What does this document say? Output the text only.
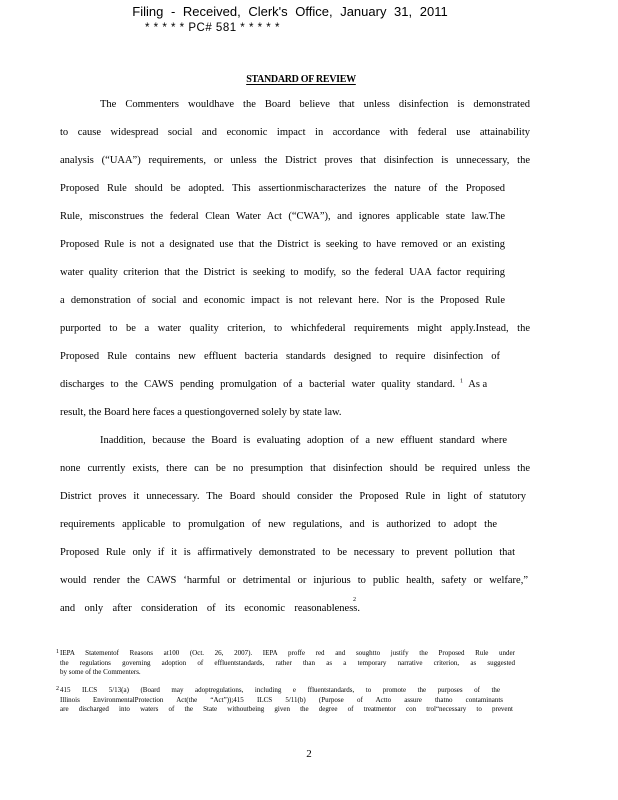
Filing - Received, Clerk's Office, January 31, 2011
* * * * * PC# 581 * * * * *
STANDARD OF REVIEW
The Commenters wouldhave the Board believe that unless disinfection is demonstrated
to cause widespread social and economic impact in accordance with federal use attainability
analysis (“UAA”) requirements, or unless the District proves that disinfection is unnecessary, the
Proposed Rule should be adopted. This assertionmischaracterizes the nature of the Proposed
Rule, misconstrues the federal Clean Water Act (“CWA”), and ignores applicable state law.The
Proposed Rule is not a designated use that the District is seeking to have removed or an existing
water quality criterion that the District is seeking to modify, so the federal UAA factor requiring
a demonstration of social and economic impact is not relevant here. Nor is the Proposed Rule
purported to be a water quality criterion, to whichfederal requirements might apply.Instead, the
Proposed Rule contains new effluent bacteria standards designed to require disinfection of
discharges to the CAWS pending promulgation of a bacterial water quality standard. $^1$ As a
result, the Board here faces a questiongoverned solely by state law.
Inaddition, because the Board is evaluating adoption of a new effluent standard where
none currently exists, there can be no presumption that disinfection should be required unless the
District proves it unnecessary. The Board should consider the Proposed Rule in light of statutory
requirements applicable to promulgation of new regulations, and is authorized to adopt the
Proposed Rule only if it is affirmatively demonstrated to be necessary to prevent pollution that
would render the CAWS ‘harmful or detrimental or injurious to public health, safety or welfare,”
and only after consideration of its economic reasonableness.
2
1 IEPA Statementof Reasons at100 (Oct. 26, 2007). IEPA proffe red and soughtto justify the Proposed Rule under
the regulations governing adoption of effluentstandards, rather than as a temporary narrative criterion, as suggested
by some of the Commenters.
2 415 ILCS 5/13(a) (Board may adoptregulations, including e ffluentstandards, to promote the purposes of the
Illinois EnvironmentalProtection Act(the “Act”));415 ILCS 5/11(b) (Purpose of Actto assure thatno contaminants
are discharged into waters of the State withoutbeing given the degree of treatmentor con trol“necessary to prevent
2
